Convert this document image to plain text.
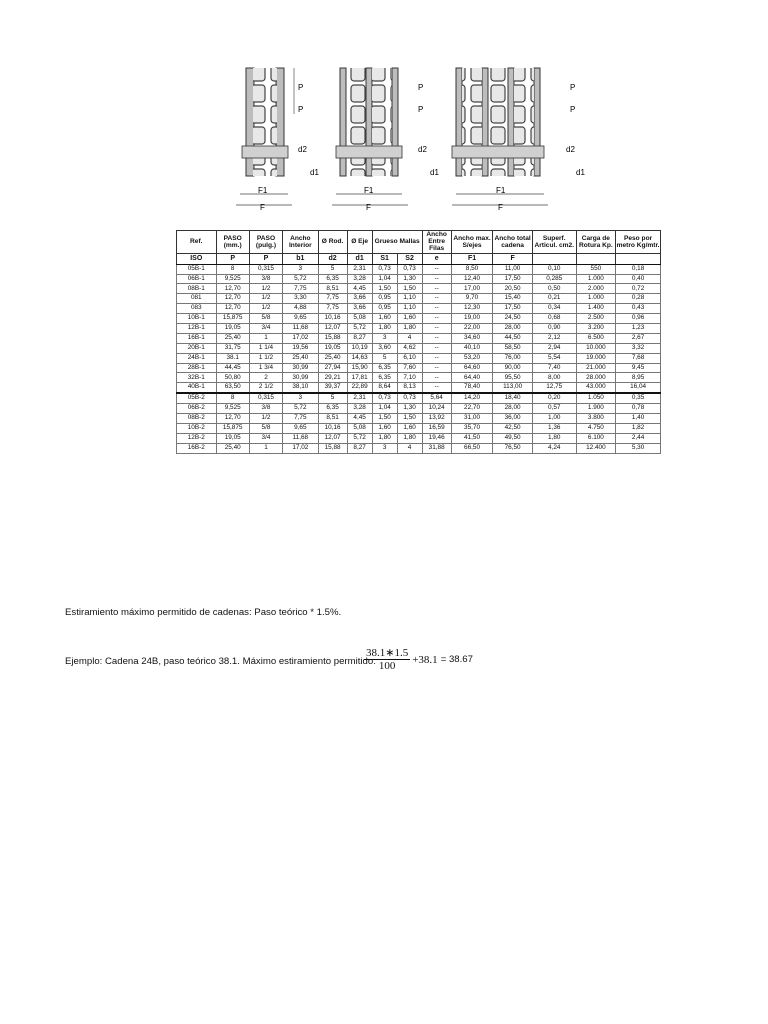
P
P
d2
d1
F1
F
P
P
d2
d1
F1
F
P
P
d2
d1
F1
F
Ref.	PASO (mm.)	PASO (pulg.)	Ancho Interior	Ø Rod.	Ø Eje	Grueso Mallas		Ancho Entre Filas	Ancho max. S/ejes	Ancho total cadena	Superf. Articul. cm2.	Carga de Rotura Kp.	Peso por metro Kg/mtr.
ISO	P	P	b1	d2	d1	S1	S2	e	F1	F			
05B-1	8	0,315	3	5	2,31	0,73	0,73	--	8,50	11,00	0,10	550	0,18
06B-1	9,525	3/8	5,72	6,35	3,28	1,04	1,30	--	12,40	17,50	0,285	1.000	0,40
08B-1	12,70	1/2	7,75	8,51	4,45	1,50	1,50	--	17,00	20,50	0,50	2.000	0,72
081	12,70	1/2	3,30	7,75	3,66	0,95	1,10	--	9,70	15,40	0,21	1.000	0,28
083	12,70	1/2	4,88	7,75	3,66	0,95	1,10	--	12,30	17,50	0,34	1.400	0,43
10B-1	15,875	5/8	9,65	10,16	5,08	1,60	1,60	--	19,00	24,50	0,68	2.500	0,96
12B-1	19,05	3/4	11,68	12,07	5,72	1,80	1,80	--	22,00	28,00	0,90	3.200	1,23
16B-1	25,40	1	17,02	15,88	8,27	3	4	--	34,60	44,50	2,12	6.500	2,67
20B-1	31,75	1 1/4	19,56	19,05	10,19	3,60	4,62	--	40,10	58,50	2,94	10.000	3,32
24B-1	38.1	1 1/2	25,40	25,40	14,63	5	6,10	--	53,20	76,00	5,54	19.000	7,68
28B-1	44,45	1 3/4	30,99	27,94	15,90	6,35	7,60	--	64,60	90,00	7,40	21.000	9,45
32B-1	50,80	2	30,99	29,21	17,81	6,35	7,10	--	64,40	95,50	8,00	28.000	8,95
40B-1	63,50	2 1/2	38,10	39,37	22,89	8,64	8,13	--	78,40	113,00	12,75	43.000	16,04
05B-2	8	0,315	3	5	2,31	0,73	0,73	5,64	14,20	18,40	0,20	1.050	0,35
06B-2	9,525	3/8	5,72	6,35	3,28	1,04	1,30	10,24	22,70	28,00	0,57	1.900	0,78
08B-2	12,70	1/2	7,75	8,51	4,45	1,50	1,50	13,92	31,00	36,00	1,00	3.800	1,40
10B-2	15,875	5/8	9,65	10,16	5,08	1,60	1,60	16,59	35,70	42,50	1,36	4.750	1,82
12B-2	19,05	3/4	11,68	12,07	5,72	1,80	1,80	19,46	41,50	49,50	1,80	6.100	2,44
16B-2	25,40	1	17,02	15,88	8,27	3	4	31,88	66,50	76,50	4,24	12.400	5,30
Estiramiento máximo permitido de cadenas: Paso teórico * 1.5%.
Ejemplo: Cadena 24B, paso teórico 38.1. Máximo estiramiento permitido:
$\frac{38.1∗1.5}{100} +38.1 = 38.67$
